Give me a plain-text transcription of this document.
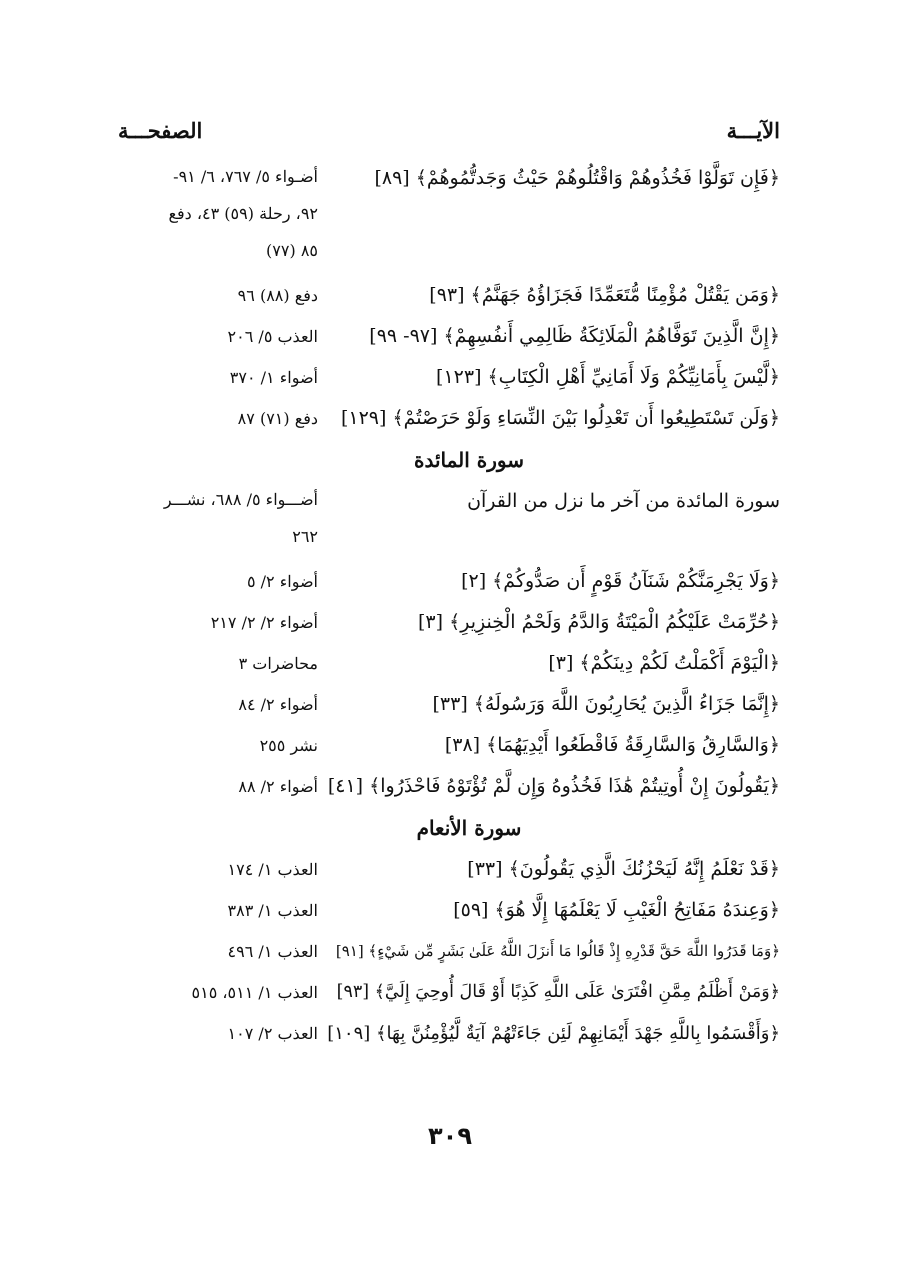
الآيـــة
الصفحـــة
﴿فَإِن تَوَلَّوْا فَخُذُوهُمْ وَاقْتُلُوهُمْ حَيْثُ وَجَدتُّمُوهُمْ﴾ [٨٩]
أضـواء ٥/ ٧٦٧، ٦/ ٩١-
٩٢، رحلة (٥٩) ٤٣، دفع
٨٥ (٧٧)
﴿وَمَن يَقْتُلْ مُؤْمِنًا مُّتَعَمِّدًا فَجَزَاؤُهُ جَهَنَّمُ﴾ [٩٣]
دفع (٨٨) ٩٦
﴿إِنَّ الَّذِينَ تَوَفَّاهُمُ الْمَلَائِكَةُ ظَالِمِي أَنفُسِهِمْ﴾ [٩٧- ٩٩]
العذب ٥/ ٢٠٦
﴿لَّيْسَ بِأَمَانِيِّكُمْ وَلَا أَمَانِيِّ أَهْلِ الْكِتَابِ﴾ [١٢٣]
أضواء ١/ ٣٧٠
﴿وَلَن تَسْتَطِيعُوا أَن تَعْدِلُوا بَيْنَ النِّسَاءِ وَلَوْ حَرَصْتُمْ﴾ [١٢٩]
دفع (٧١) ٨٧
سورة المائدة
سورة المائدة من آخر ما نزل من القرآن
أضـــواء ٥/ ٦٨٨، نشـــر
٢٦٢
﴿وَلَا يَجْرِمَنَّكُمْ شَنَآنُ قَوْمٍ أَن صَدُّوكُمْ﴾ [٢]
أضواء ٢/ ٥
﴿حُرِّمَتْ عَلَيْكُمُ الْمَيْتَةُ وَالدَّمُ وَلَحْمُ الْخِنزِيرِ﴾ [٣]
أضواء ٢/ ٢/ ٢١٧
﴿الْيَوْمَ أَكْمَلْتُ لَكُمْ دِينَكُمْ﴾ [٣]
محاضرات ٣
﴿إِنَّمَا جَزَاءُ الَّذِينَ يُحَارِبُونَ اللَّهَ وَرَسُولَهُ﴾ [٣٣]
أضواء ٢/ ٨٤
﴿وَالسَّارِقُ وَالسَّارِقَةُ فَاقْطَعُوا أَيْدِيَهُمَا﴾ [٣٨]
نشر ٢٥٥
﴿يَقُولُونَ إِنْ أُوتِيتُمْ هَٰذَا فَخُذُوهُ وَإِن لَّمْ تُؤْتَوْهُ فَاحْذَرُوا﴾ [٤١]
أضواء ٢/ ٨٨
سورة الأنعام
﴿قَدْ نَعْلَمُ إِنَّهُ لَيَحْزُنُكَ الَّذِي يَقُولُونَ﴾ [٣٣]
العذب ١/ ١٧٤
﴿وَعِندَهُ مَفَاتِحُ الْغَيْبِ لَا يَعْلَمُهَا إِلَّا هُوَ﴾ [٥٩]
العذب ١/ ٣٨٣
﴿وَمَا قَدَرُوا اللَّهَ حَقَّ قَدْرِهِ إِذْ قَالُوا مَا أَنزَلَ اللَّهُ عَلَىٰ بَشَرٍ مِّن شَيْءٍ﴾ [٩١]
العذب ١/ ٤٩٦
﴿وَمَنْ أَظْلَمُ مِمَّنِ افْتَرَىٰ عَلَى اللَّهِ كَذِبًا أَوْ قَالَ أُوحِيَ إِلَيَّ﴾ [٩٣]
العذب ١/ ٥١١، ٥١٥
﴿وَأَقْسَمُوا بِاللَّهِ جَهْدَ أَيْمَانِهِمْ لَئِن جَاءَتْهُمْ آيَةٌ لَّيُؤْمِنُنَّ بِهَا﴾ [١٠٩]
العذب ٢/ ١٠٧
٣٠٩
